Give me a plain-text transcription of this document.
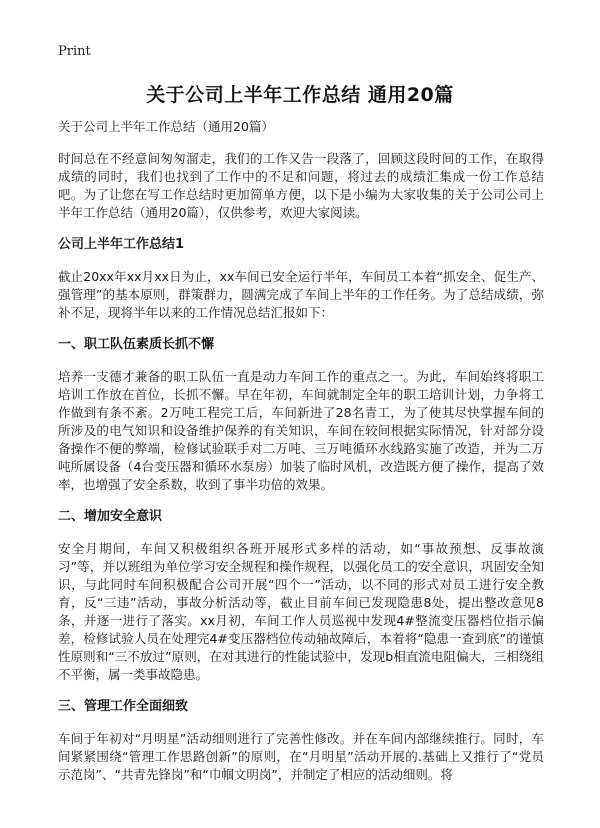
Print
关于公司上半年工作总结 通用20篇

关于公司上半年工作总结（通用20篇）

时间总在不经意间匆匆溜走，我们的工作又告一段落了，回顾这段时间的工作，在取得成绩的同时，我们也找到了工作中的不足和问题，将过去的成绩汇集成一份工作总结吧。为了让您在写工作总结时更加简单方便，以下是小编为大家收集的关于公司公司上半年工作总结（通用20篇），仅供参考，欢迎大家阅读。

公司上半年工作总结1

截止20xx年xx月xx日为止，xx车间已安全运行半年，车间员工本着“抓安全、促生产、强管理”的基本原则，群策群力，圆满完成了车间上半年的工作任务。为了总结成绩，弥补不足，现将半年以来的工作情况总结汇报如下：

一、职工队伍素质长抓不懈

培养一支德才兼备的职工队伍一直是动力车间工作的重点之一。为此，车间始终将职工培训工作放在首位，长抓不懈。早在年初，车间就制定全年的职工培训计划，力争将工作做到有条不紊。2万吨工程完工后，车间新进了28名青工，为了使其尽快掌握车间的所涉及的电气知识和设备维护保养的有关知识，车间在较间根据实际情况，针对部分设备操作不便的弊端，检修试验联手对二万吨、三万吨循环水线路实施了改造，并为二万吨所属设备（4台变压器和循环水泵房）加装了临时风机，改造既方便了操作，提高了效率，也增强了安全系数，收到了事半功倍的效果。

二、增加安全意识

安全月期间，车间又积极组织各班开展形式多样的活动，如“事故预想、反事故演习”等，并以班组为单位学习安全规程和操作规程，以强化员工的安全意识，巩固安全知识，与此同时车间积极配合公司开展“四个一”活动，以不同的形式对员工进行安全教育，反“三违”活动，事故分析活动等，截止目前车间已发现隐患8处，提出整改意见8条，并逐一进行了落实。xx月初，车间工作人员巡视中发现4#整流变压器档位指示偏差，检修试验人员在处理完4#变压器档位传动轴故障后，本着将“隐患一查到底”的谨慎性原则和“三不放过”原则，在对其进行的性能试验中，发现b相直流电阻偏大，三相绕组不平衡，属一类事故隐患。

三、管理工作全面细致

车间于年初对“月明星”活动细则进行了完善性修改。并在车间内部继续推行。同时，车间紧紧围绕“管理工作思路创新”的原则，在“月明星”活动开展的.基础上又推行了“党员示范岗”、“共青先锋岗”和“巾帼文明岗”，并制定了相应的活动细则。将
